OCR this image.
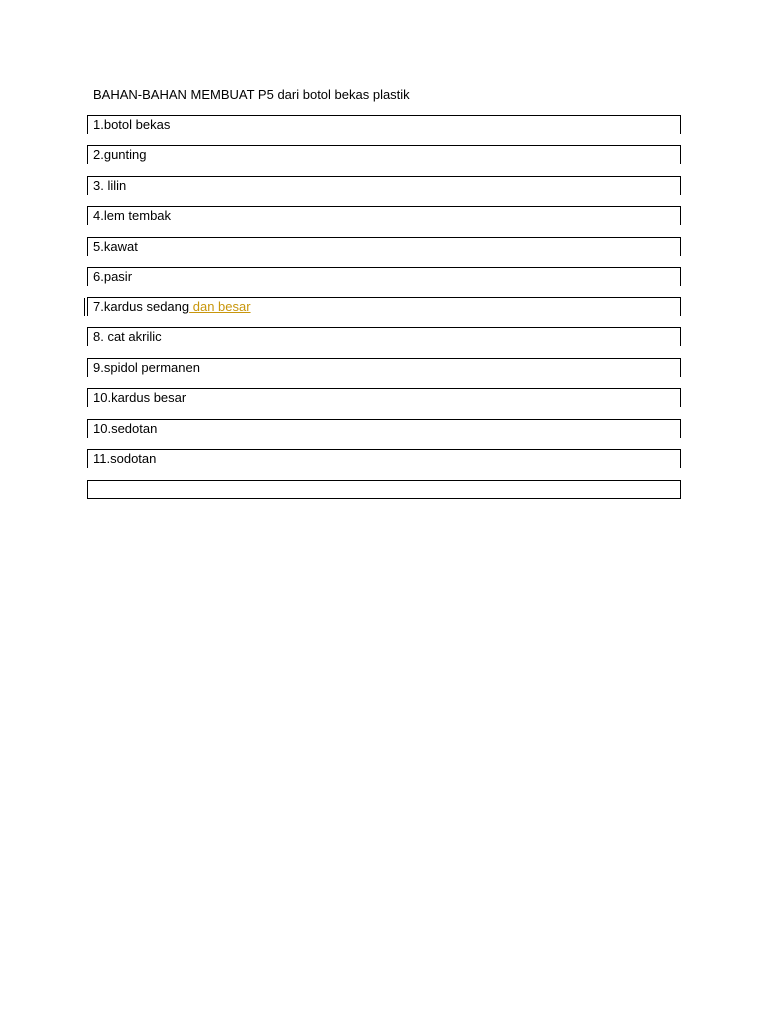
BAHAN-BAHAN MEMBUAT P5 dari botol bekas plastik
1.botol bekas
2.gunting
3. lilin
4.lem tembak
5.kawat
6.pasir
7.kardus sedang dan besar
8. cat akrilic
9.spidol permanen
10.kardus besar
10.sedotan
11.sodotan
